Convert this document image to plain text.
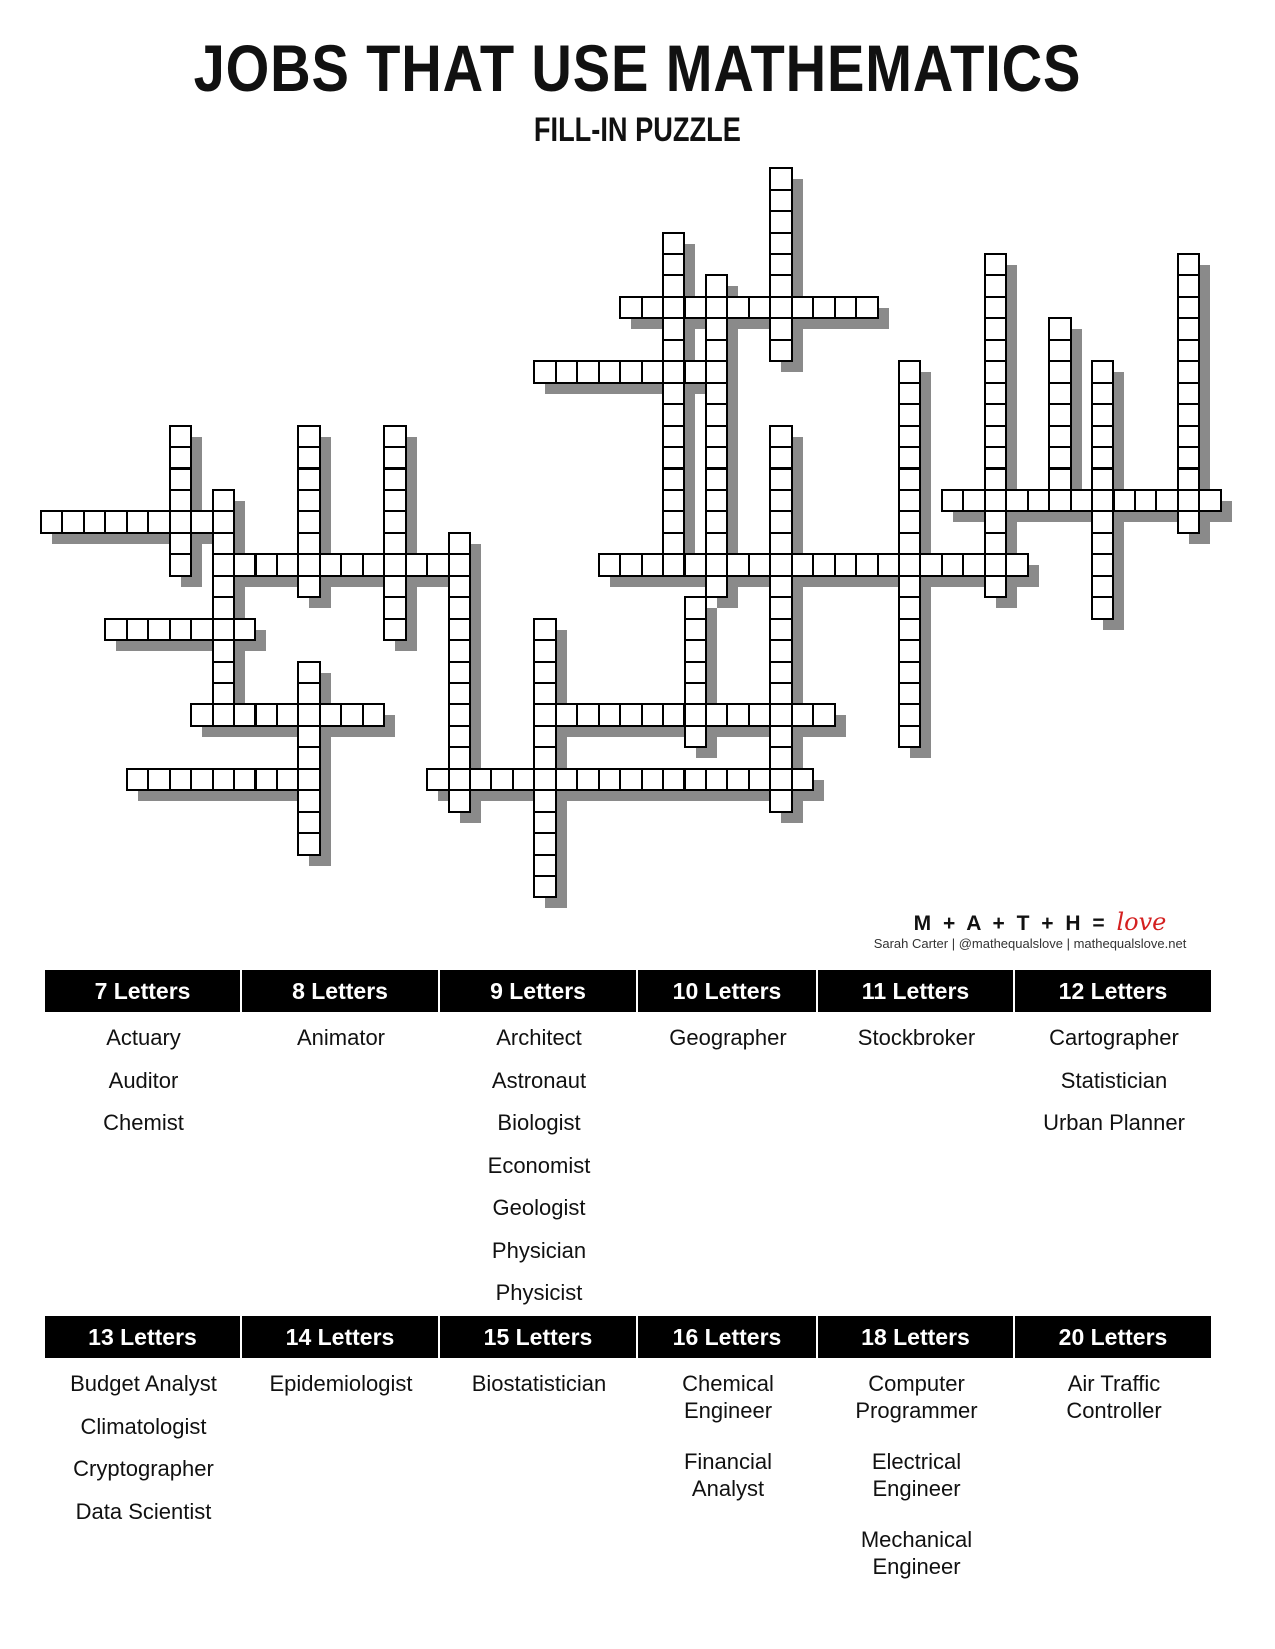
JOBS THAT USE MATHEMATICS
FILL-IN PUZZLE
M + A + T + H = love
Sarah Carter | @mathequalslove | mathequalslove.net
7 Letters
Actuary
Auditor
Chemist
8 Letters
Animator
9 Letters
Architect
Astronaut
Biologist
Economist
Geologist
Physician
Physicist
10 Letters
Geographer
11 Letters
Stockbroker
12 Letters
Cartographer
Statistician
Urban Planner
13 Letters
Budget Analyst
Climatologist
Cryptographer
Data Scientist
14 Letters
Epidemiologist
15 Letters
Biostatistician
16 Letters
Chemical
Engineer
Financial
Analyst
18 Letters
Computer
Programmer
Electrical
Engineer
Mechanical
Engineer
20 Letters
Air Traffic
Controller
